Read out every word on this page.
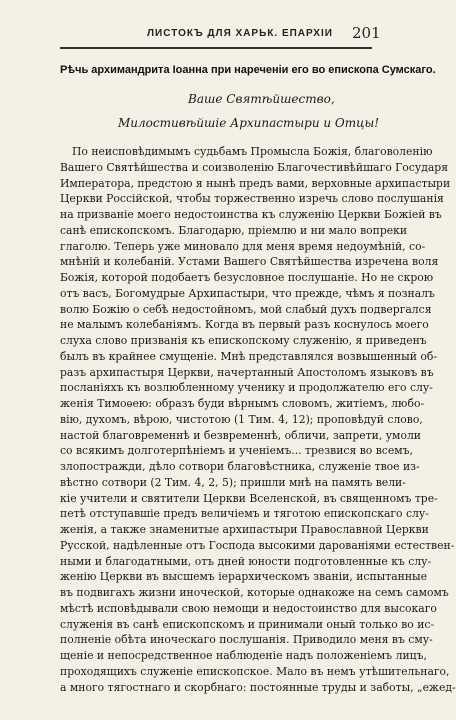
ЛИСТОКЪ ДЛЯ ХАРЬК. ЕПАРХІИ	201
Рѣчь архимандрита Іоанна при нареченіи его во епископа Сумскаго.
Ваше Святѣйшество,
Милостивѣйшіе Архипастыри и Отцы!
По неисповѣдимымъ судьбамъ Промысла Божія, благоволенію
Вашего Святѣйшества и соизволенію Благочестивѣйшаго Государя
Императора, предстою я нынѣ предъ вами, верховные архипастыри
Церкви Россійской, чтобы торжественно изречь слово послушанія
на призваніе моего недостоинства къ служенію Церкви Божіей въ
санѣ епископскомъ. Благодарю, пріемлю и ни мало вопреки
глаголю. Теперь уже миновало для меня время недоумѣній, со-
мнѣній и колебаній. Устами Вашего Святѣйшества изречена воля
Божія, которой подобаетъ безусловное послушаніе. Но не скрою
отъ васъ, Богомудрые Архипастыри, что прежде, чѣмъ я позналъ
волю Божію о себѣ недостойномъ, мой слабый духъ подвергался
не малымъ колебаніямъ. Когда въ первый разъ коснулось моего
слуха слово призванія къ епископскому служенію, я приведенъ
былъ въ крайнее смущеніе. Мнѣ представлялся возвышенный об-
разъ архипастыря Церкви, начертанный Апостоломъ языковъ въ
посланіяхъ къ возлюбленному ученику и продолжателю его слу-
женія Тимоѳею: образъ буди вѣрнымъ словомъ, житіемъ, любо-
вію, духомъ, вѣрою, чистотою (1 Тим. 4, 12); проповѣдуй слово,
настой благовременнѣ и безвременнѣ, обличи, запрети, умоли
со всякимъ долготерпѣніемъ и ученіемъ... трезвися во всемъ,
злопостражди, дѣло сотвори благовѣстника, служеніе твое из-
вѣстно сотвори (2 Тим. 4, 2, 5); пришли мнѣ на память вели-
кіе учители и святители Церкви Вселенской, въ священномъ тре-
петѣ отступавшіе предъ величіемъ и тяготою епископскаго слу-
женія, а также знаменитые архипастыри Православной Церкви
Русской, надѣленные отъ Господа высокими дарованіями естествен-
ными и благодатными, отъ дней юности подготовленные къ слу-
женію Церкви въ высшемъ іерархическомъ званіи, испытанные
въ подвигахъ жизни иноческой, которые однакоже на семъ самомъ
мѣстѣ исповѣдывали свою немощи и недостоинство для высокаго
служенія въ санѣ епископскомъ и принимали оный только во ис-
полненіе обѣта иноческаго послушанія. Приводило меня въ сму-
щеніе и непосредственное наблюденіе надъ положеніемъ лицъ,
проходящихъ служеніе епископское. Мало въ немъ утѣшительнаго,
а много тягостнаго и скорбнаго: постоянные труды и заботы, „ежед-
